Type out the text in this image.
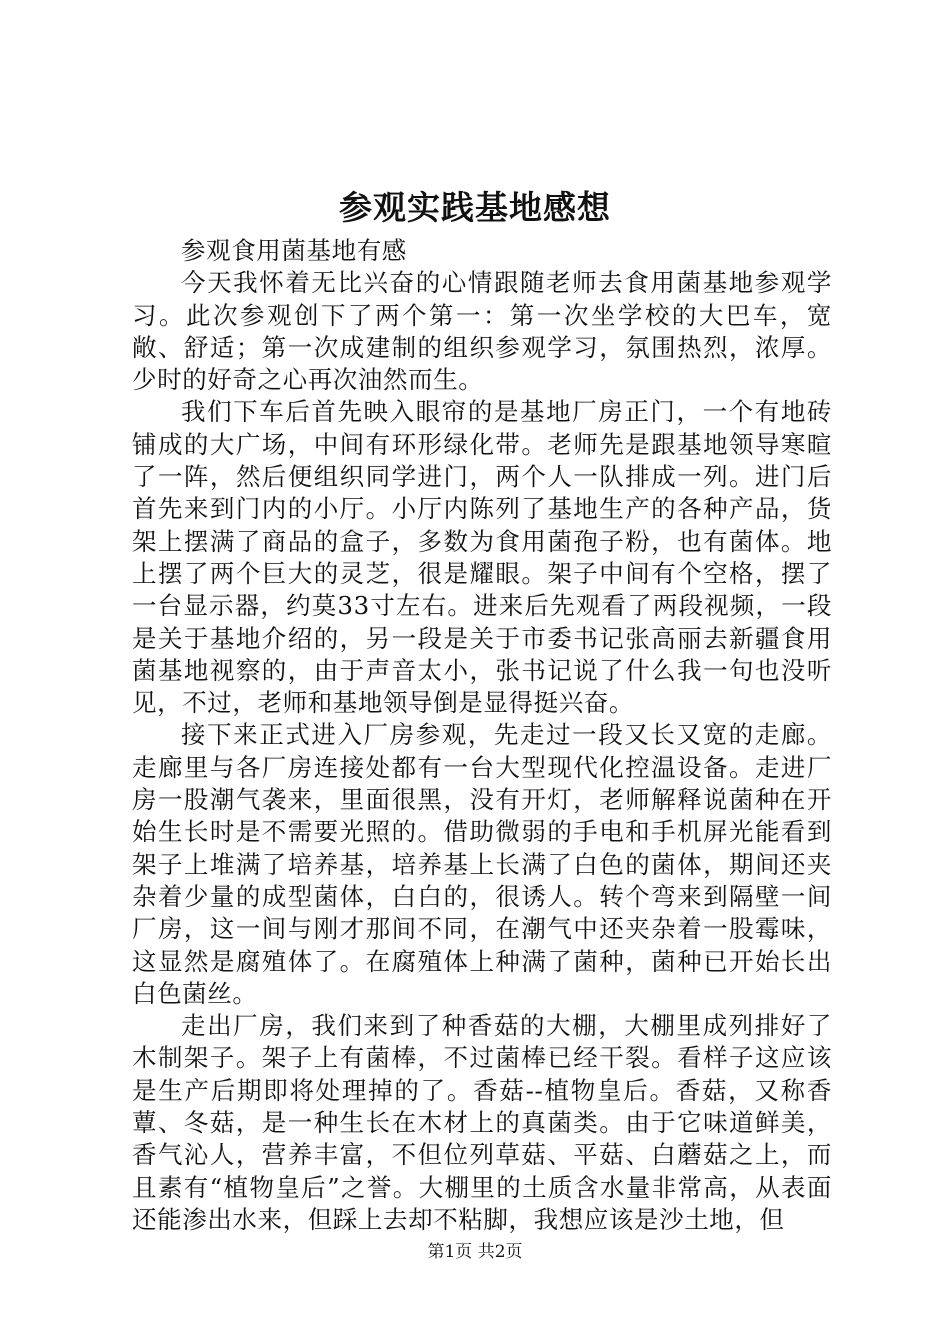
参观实践基地感想

参观食用菌基地有感

今天我怀着无比兴奋的心情跟随老师去食用菌基地参观学习。此次参观创下了两个第一：第一次坐学校的大巴车，宽敞、舒适；第一次成建制的组织参观学习，氛围热烈，浓厚。少时的好奇之心再次油然而生。

我们下车后首先映入眼帘的是基地厂房正门，一个有地砖铺成的大广场，中间有环形绿化带。老师先是跟基地领导寒暄了一阵，然后便组织同学进门，两个人一队排成一列。进门后首先来到门内的小厅。小厅内陈列了基地生产的各种产品，货架上摆满了商品的盒子，多数为食用菌孢子粉，也有菌体。地上摆了两个巨大的灵芝，很是耀眼。架子中间有个空格，摆了一台显示器，约莫33寸左右。进来后先观看了两段视频，一段是关于基地介绍的，另一段是关于市委书记张高丽去新疆食用菌基地视察的，由于声音太小，张书记说了什么我一句也没听见，不过，老师和基地领导倒是显得挺兴奋。

接下来正式进入厂房参观，先走过一段又长又宽的走廊。走廊里与各厂房连接处都有一台大型现代化控温设备。走进厂房一股潮气袭来，里面很黑，没有开灯，老师解释说菌种在开始生长时是不需要光照的。借助微弱的手电和手机屏光能看到架子上堆满了培养基，培养基上长满了白色的菌体，期间还夹杂着少量的成型菌体，白白的，很诱人。转个弯来到隔壁一间厂房，这一间与刚才那间不同，在潮气中还夹杂着一股霉味，这显然是腐殖体了。在腐殖体上种满了菌种，菌种已开始长出白色菌丝。

走出厂房，我们来到了种香菇的大棚，大棚里成列排好了木制架子。架子上有菌棒，不过菌棒已经干裂。看样子这应该是生产后期即将处理掉的了。香菇--植物皇后。香菇，又称香蕈、冬菇，是一种生长在木材上的真菌类。由于它味道鲜美，香气沁人，营养丰富，不但位列草菇、平菇、白蘑菇之上，而且素有“植物皇后”之誉。大棚里的土质含水量非常高，从表面还能渗出水来，但踩上去却不粘脚，我想应该是沙土地，但

第1页 共2页
